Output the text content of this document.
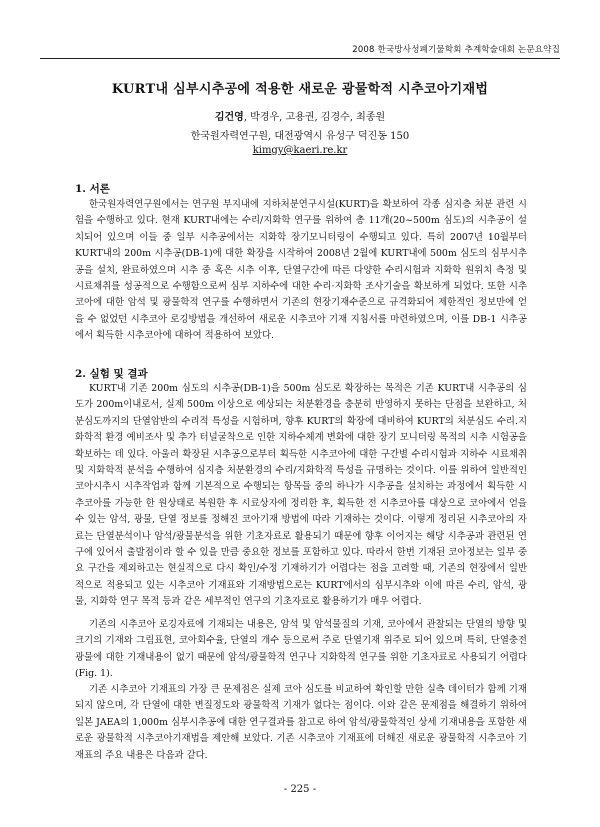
2008 한국방사성폐기물학회 추계학술대회 논문요약집
KURT내 심부시추공에 적용한 새로운 광물학적 시추코아기재법
김건영, 박경우, 고용권, 김경수, 최종원
한국원자력연구원, 대전광역시 유성구 덕진동 150
kimgy@kaeri.re.kr
1. 서론

한국원자력연구원에서는 연구원 부지내에 지하처분연구시설(KURT)을 확보하여 각종 심지층 처분 관련 시험을 수행하고 있다. 현재 KURT내에는 수리/지화학 연구를 위하여 총 11개(20~500m 심도)의 시추공이 설치되어 있으며 이들 중 일부 시추공에서는 지화학 장기모니터링이 수행되고 있다. 특히 2007년 10월부터 KURT내의 200m 시추공(DB-1)에 대한 확장을 시작하여 2008년 2월에 KURT내에 500m 심도의 심부시추공을 설치, 완료하였으며 시추 중 혹은 시추 이후, 단열구간에 따른 다양한 수리시험과 지화학 원위치 측정 및 시료채취를 성공적으로 수행함으로써 심부 지하수에 대한 수리·지화학 조사기술을 확보하게 되었다. 또한 시추코아에 대한 암석 및 광물학적 연구를 수행하면서 기존의 현장기재수준으로 규격화되어 제한적인 정보만에 얻을 수 없었던 시추코아 로깅방법을 개선하여 새로운 시추코아 기재 지침서를 마련하였으며, 이를 DB-1 시추공에서 획득한 시추코아에 대하여 적용하여 보았다.

2. 실험 및 결과

KURT내 기존 200m 심도의 시추공(DB-1)을 500m 심도로 확장하는 목적은 기존 KURT내 시추공의 심도가 200m이내로서, 실제 500m 이상으로 예상되는 처분환경을 충분히 반영하지 못하는 단점을 보완하고, 처분심도까지의 단열암반의 수리적 특성을 시험하며, 향후 KURT의 확장에 대비하여 KURT의 처분심도 수리.지화학적 환경 예비조사 및 추가 터널굴착으로 인한 지하수체계 변화에 대한 장기 모니터링 목적의 시추 시험공을 확보하는 데 있다. 아울러 확장된 시추공으로부터 획득한 시추코아에 대한 구간별 수리시험과 지하수 시료채취 및 지화학적 분석을 수행하여 심지층 처분환경의 수리/지화학적 특성을 규명하는 것이다. 이를 위하여 일반적인 코아시추시 시추작업과 함께 기본적으로 수행되는 항목들 중의 하나가 시추공을 설치하는 과정에서 획득한 시추코아를 가능한 한 원상태로 복원한 후 시료상자에 정리한 후, 획득한 전 시추코아를 대상으로 코아에서 얻을 수 있는 암석, 광물, 단열 정보를 정해진 코아기재 방법에 따라 기재하는 것이다. 이렇게 정리된 시추코아의 자료는 단열분석이나 암석/광물분석을 위한 기초자료로 활용되기 때문에 향후 이어지는 해당 시추공과 관련된 연구에 있어서 출발점이라 할 수 있을 만큼 중요한 정보를 포함하고 있다. 따라서 한번 기재된 코아정보는 일부 중요 구간을 제외하고는 현실적으로 다시 확인/수정 기재하기가 어렵다는 점을 고려할 때, 기존의 현장에서 일반적으로 적용되고 있는 시추코아 기재표와 기재방법으로는 KURT에서의 심부시추와 이에 따른 수리, 암석, 광물, 지화학 연구 목적 등과 같은 세부적인 연구의 기초자료로 활용하기가 매우 어렵다.

기존의 시추코아 로깅자료에 기재되는 내용은, 암석 및 암석물질의 기재, 코아에서 관찰되는 단열의 방향 및 크기의 기재와 그림표현, 코아회수율, 단열의 개수 등으로써 주로 단열기재 위주로 되어 있으며 특히, 단열충전광물에 대한 기재내용이 없기 때문에 암석/광물학적 연구나 지화학적 연구를 위한 기초자료로 사용되기 어렵다 (Fig. 1).

기존 시추코아 기재표의 가장 큰 문제점은 실제 코아 심도를 비교하여 확인할 만한 실측 데이터가 함께 기재되지 않으며, 각 단열에 대한 변질정도와 광물학적 기재가 없다는 점이다. 이와 같은 문제점을 해결하기 위하여 일본 JAEA의 1,000m 심부시추공에 대한 연구결과를 참고로 하여 암석/광물학적인 상세 기재내용을 포함한 새로운 광물학적 시추코아기재법을 제안해 보았다. 기존 시추코아 기재표에 더해진 새로운 광물학적 시추코아 기재표의 주요 내용은 다음과 같다.

- 225 -
